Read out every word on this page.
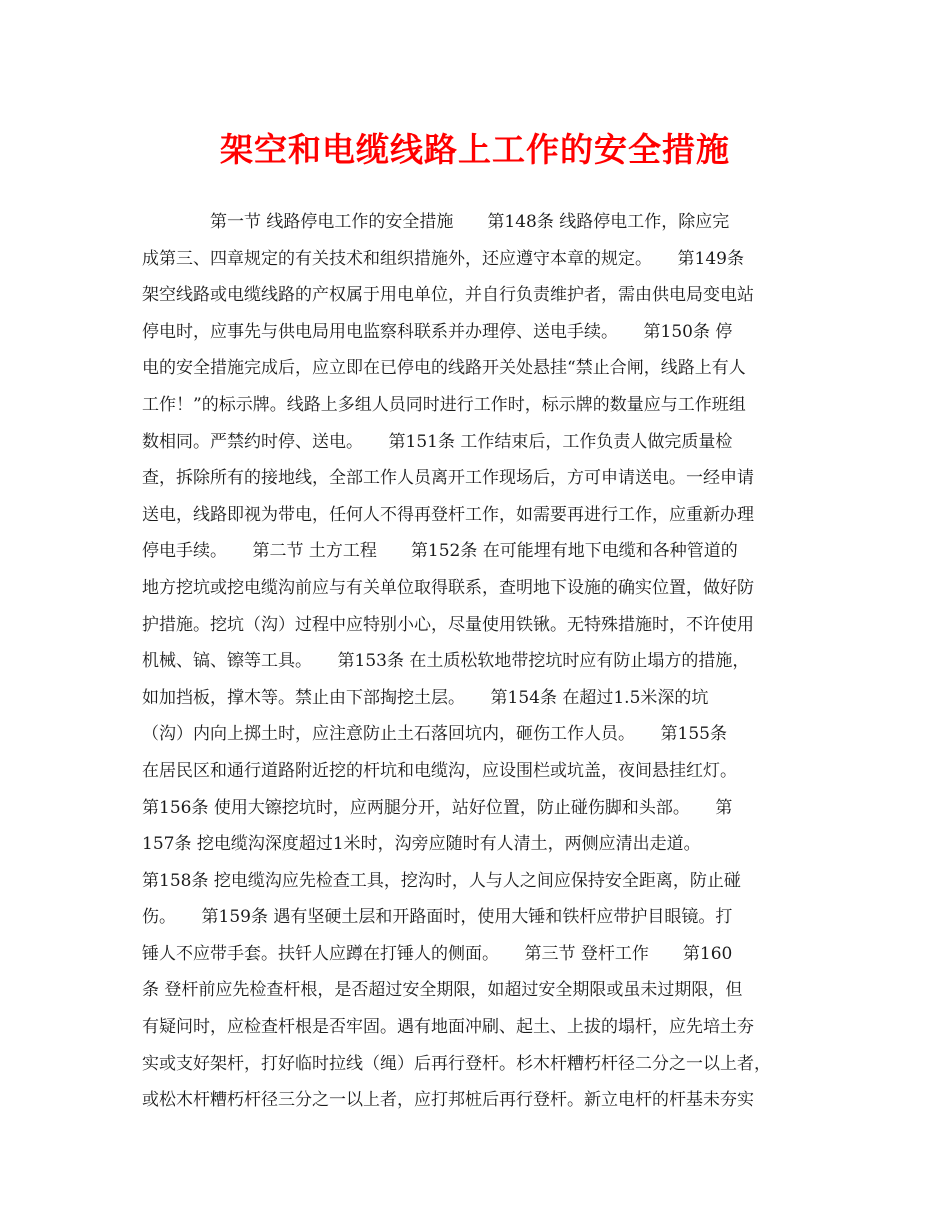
架空和电缆线路上工作的安全措施
　　　　第一节 线路停电工作的安全措施　　第148条 线路停电工作，除应完
成第三、四章规定的有关技术和组织措施外，还应遵守本章的规定。　　第149条
架空线路或电缆线路的产权属于用电单位，并自行负责维护者，需由供电局变电站
停电时，应事先与供电局用电监察科联系并办理停、送电手续。　　第150条 停
电的安全措施完成后，应立即在已停电的线路开关处悬挂“禁止合闸，线路上有人
工作！”的标示牌。线路上多组人员同时进行工作时，标示牌的数量应与工作班组
数相同。严禁约时停、送电。　　第151条 工作结束后，工作负责人做完质量检
查，拆除所有的接地线，全部工作人员离开工作现场后，方可申请送电。一经申请
送电，线路即视为带电，任何人不得再登杆工作，如需要再进行工作，应重新办理
停电手续。　　第二节 土方工程　　第152条 在可能埋有地下电缆和各种管道的
地方挖坑或挖电缆沟前应与有关单位取得联系，查明地下设施的确实位置，做好防
护措施。挖坑（沟）过程中应特别小心，尽量使用铁锹。无特殊措施时，不许使用
机械、镐、镲等工具。　　第153条 在土质松软地带挖坑时应有防止塌方的措施，
如加挡板，撑木等。禁止由下部掏挖土层。　　第154条 在超过1.5米深的坑
（沟）内向上掷土时，应注意防止土石落回坑内，砸伤工作人员。　　第155条
在居民区和通行道路附近挖的杆坑和电缆沟，应设围栏或坑盖，夜间悬挂红灯。
第156条 使用大镲挖坑时，应两腿分开，站好位置，防止碰伤脚和头部。　　第
157条 挖电缆沟深度超过1米时，沟旁应随时有人清土，两侧应清出走道。
第158条 挖电缆沟应先检查工具，挖沟时，人与人之间应保持安全距离，防止碰
伤。　　第159条 遇有坚硬土层和开路面时，使用大锤和铁杆应带护目眼镜。打
锤人不应带手套。扶钎人应蹲在打锤人的侧面。　　第三节 登杆工作　　第160
条 登杆前应先检查杆根，是否超过安全期限，如超过安全期限或虽未过期限，但
有疑问时，应检查杆根是否牢固。遇有地面冲刷、起土、上拔的塌杆，应先培土夯
实或支好架杆，打好临时拉线（绳）后再行登杆。杉木杆糟朽杆径二分之一以上者，
或松木杆糟朽杆径三分之一以上者，应打邦桩后再行登杆。新立电杆的杆基未夯实
